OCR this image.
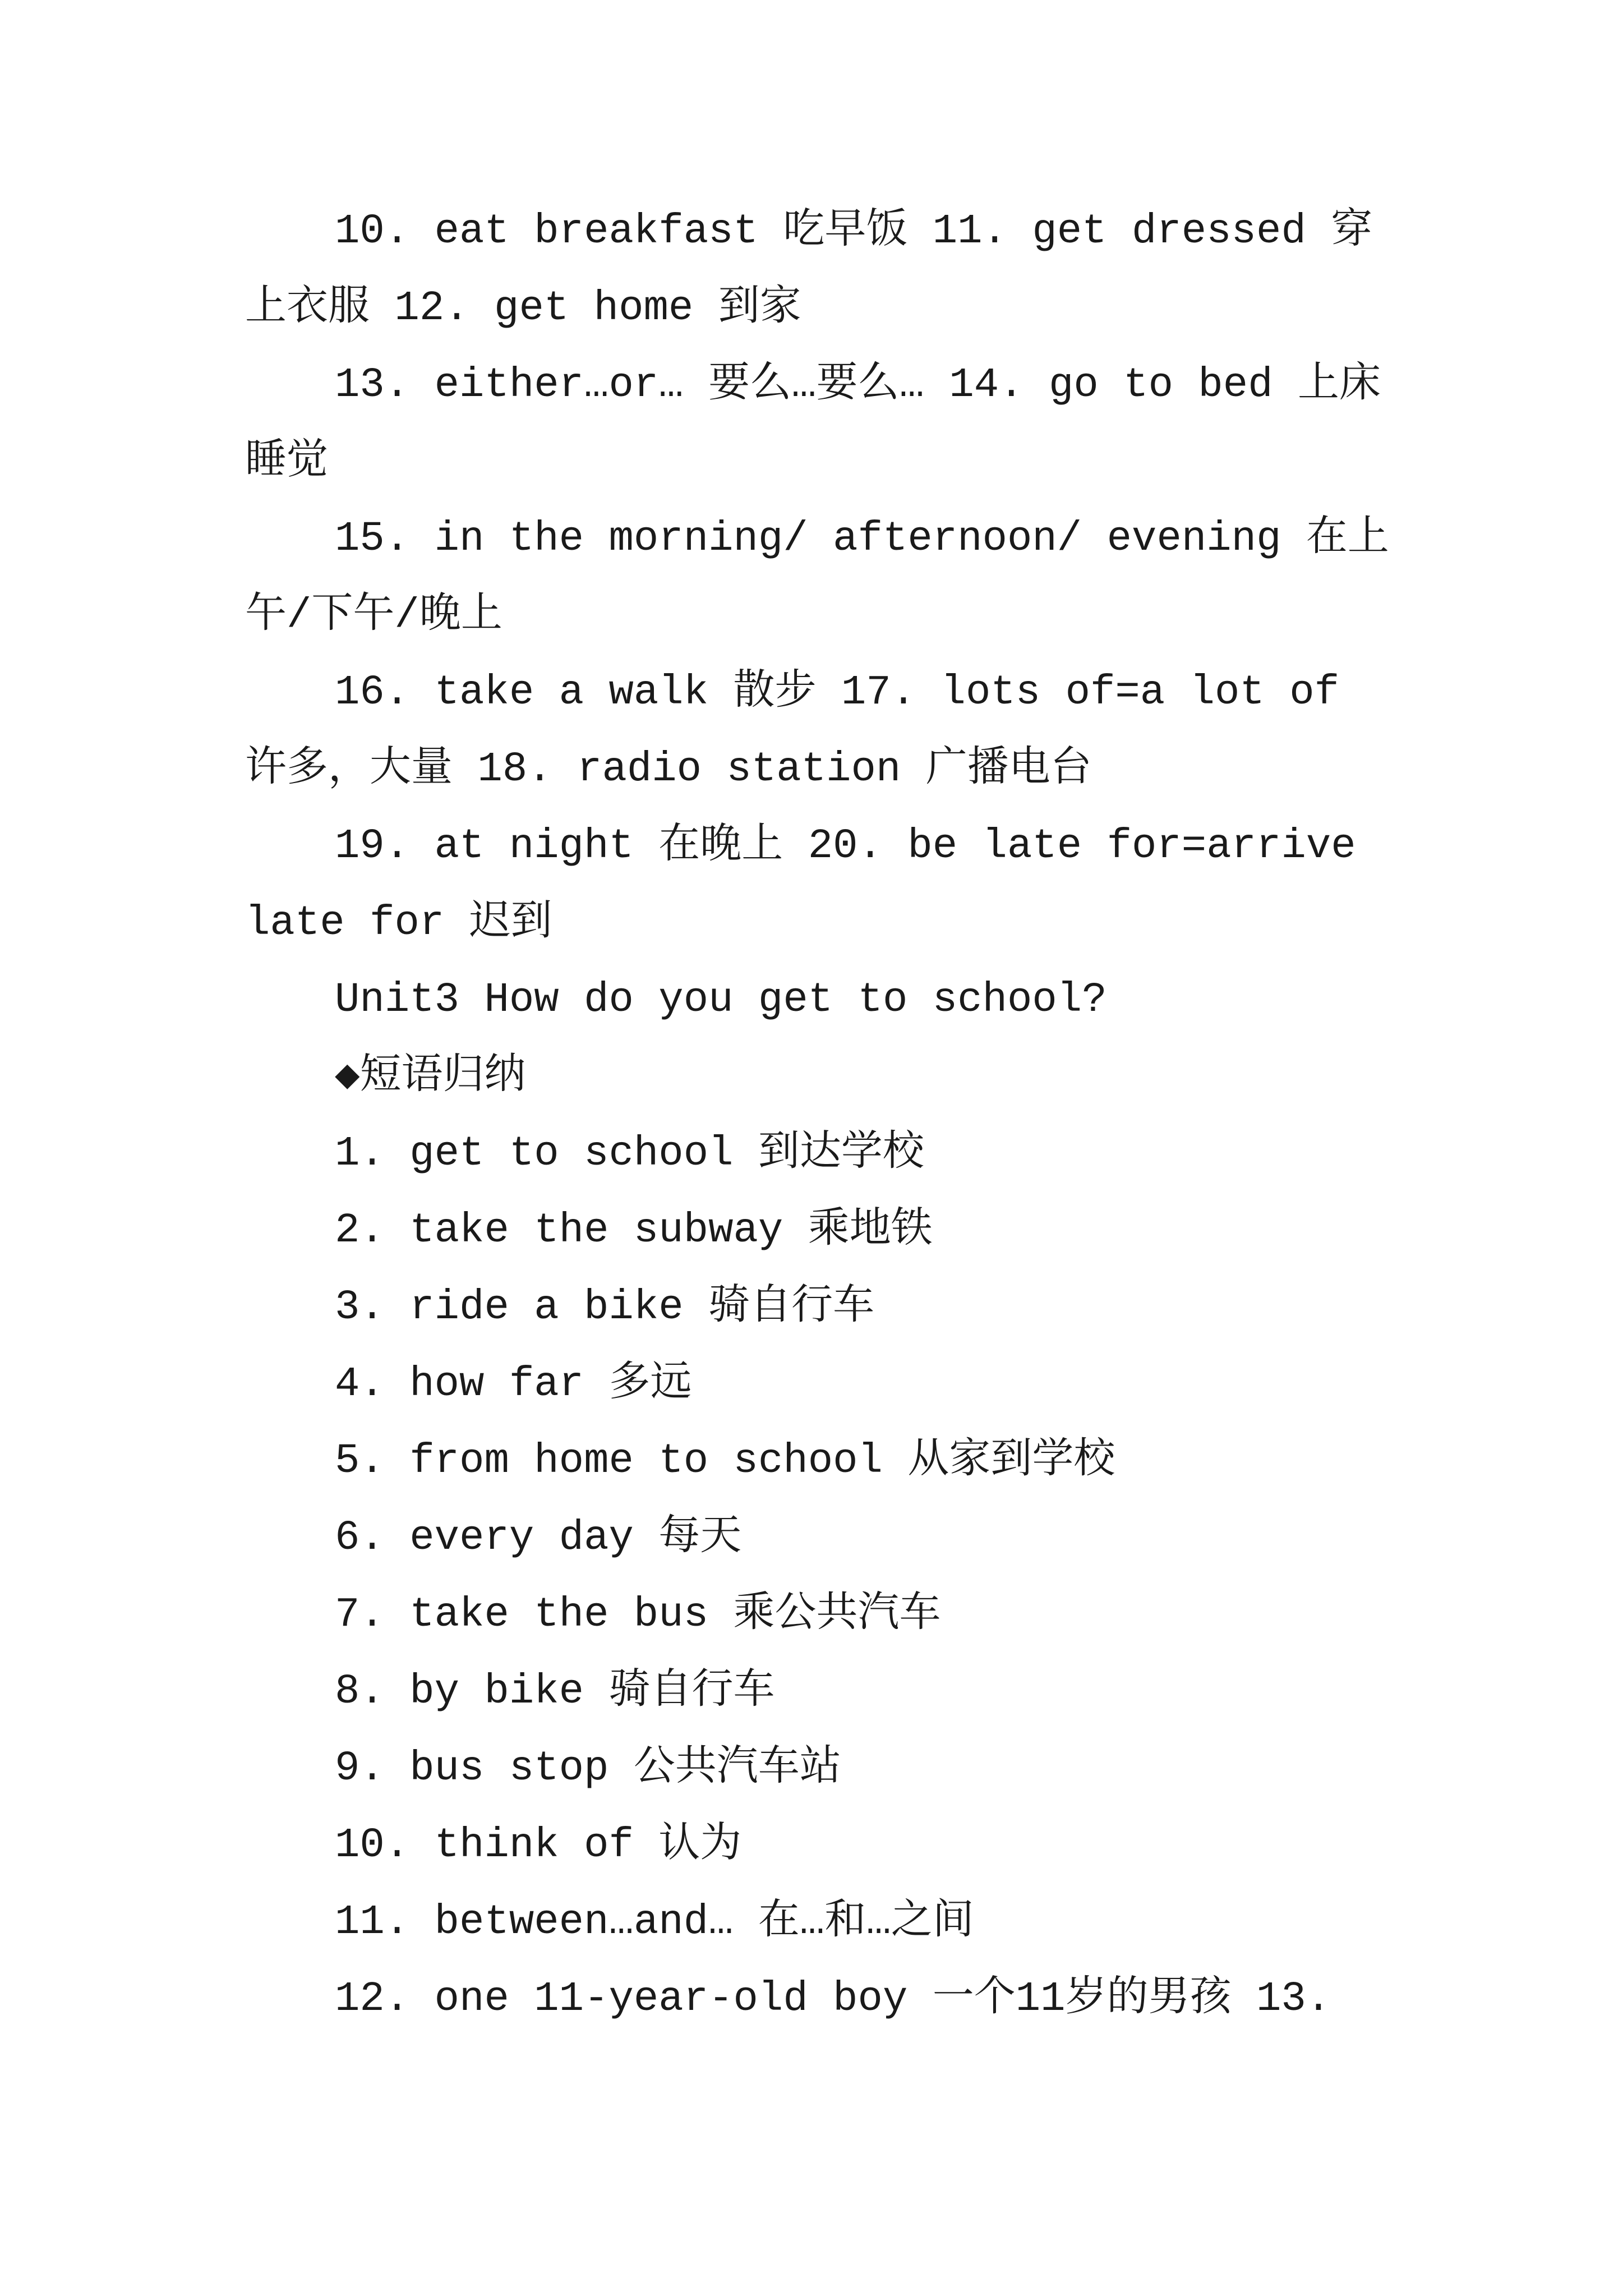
10. eat breakfast 吃早饭 11. get dressed 穿上衣服 12. get home 到家

13. either…or… 要么…要么… 14. go to bed 上床睡觉

15. in the morning/ afternoon/ evening 在上午/下午/晚上

16. take a walk 散步 17. lots of=a lot of 许多，大量 18. radio station 广播电台

19. at night 在晚上 20. be late for=arrive late for 迟到

Unit3 How do you get to school?

◆短语归纳

1. get to school 到达学校

2. take the subway 乘地铁

3. ride a bike 骑自行车

4. how far 多远

5. from home to school 从家到学校

6. every day 每天

7. take the bus 乘公共汽车

8. by bike 骑自行车

9. bus stop 公共汽车站

10. think of 认为

11. between…and… 在…和…之间

12. one 11-year-old boy 一个11岁的男孩 13.
